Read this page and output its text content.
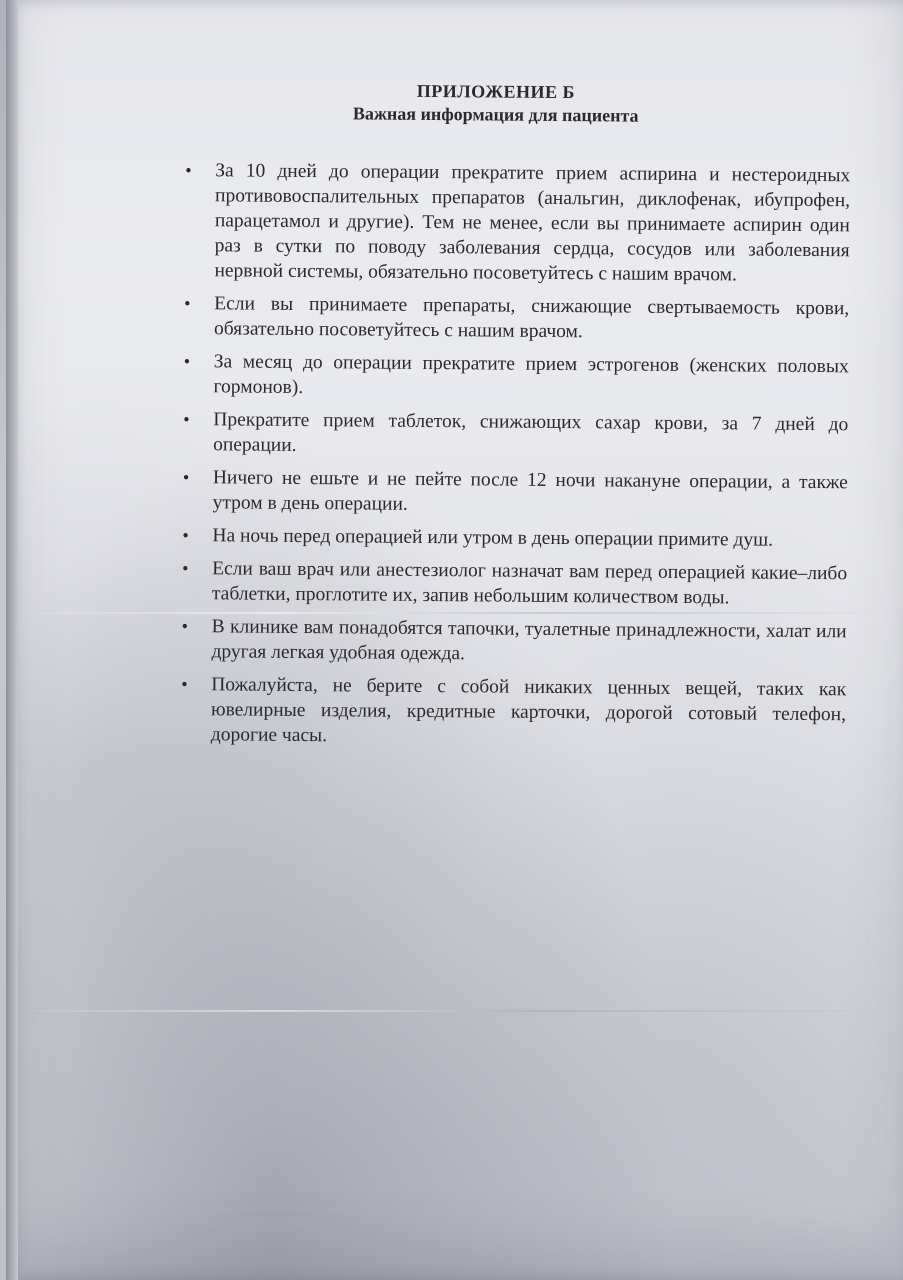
ПРИЛОЖЕНИЕ Б
Важная информация для пациента
• За 10 дней до операции прекратите прием аспирина и нестероидных противовоспалительных препаратов (анальгин, диклофенак, ибупрофен, парацетамол и другие). Тем не менее, если вы принимаете аспирин один раз в сутки по поводу заболевания сердца, сосудов или заболевания нервной системы, обязательно посоветуйтесь с нашим врачом.
• Если вы принимаете препараты, снижающие свертываемость крови, обязательно посоветуйтесь с нашим врачом.
• За месяц до операции прекратите прием эстрогенов (женских половых гормонов).
• Прекратите прием таблеток, снижающих сахар крови, за 7 дней до операции.
• Ничего не ешьте и не пейте после 12 ночи накануне операции, а также утром в день операции.
• На ночь перед операцией или утром в день операции примите душ.
• Если ваш врач или анестезиолог назначат вам перед операцией какие–либо таблетки, проглотите их, запив небольшим количеством воды.
• В клинике вам понадобятся тапочки, туалетные принадлежности, халат или другая легкая удобная одежда.
• Пожалуйста, не берите с собой никаких ценных вещей, таких как ювелирные изделия, кредитные карточки, дорогой сотовый телефон, дорогие часы.
